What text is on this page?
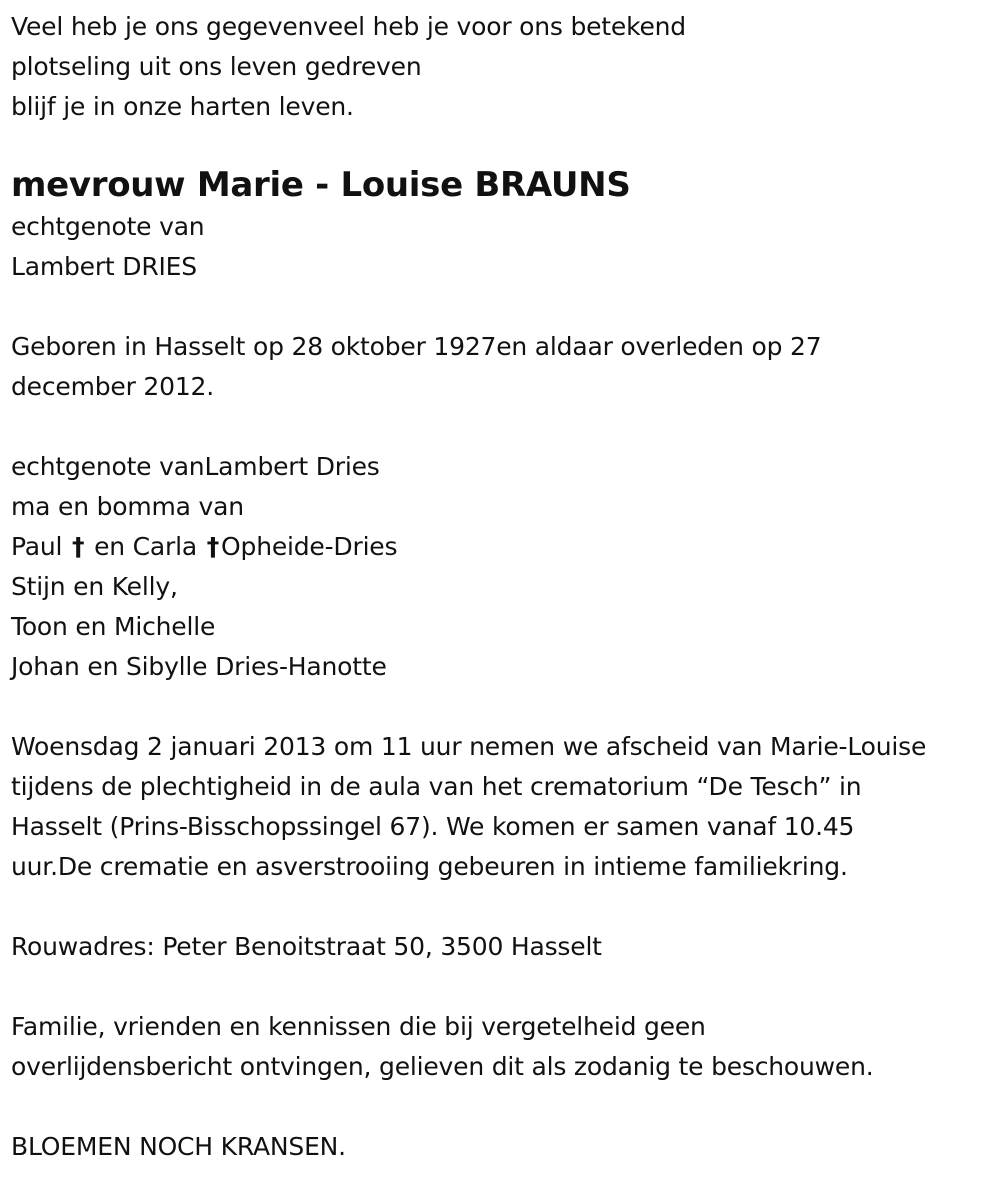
Veel heb je ons gegevenveel heb je voor ons betekend
plotseling uit ons leven gedreven
blijf je in onze harten leven.
mevrouw Marie - Louise BRAUNS
echtgenote van
Lambert DRIES
Geboren in Hasselt op 28 oktober 1927en aldaar overleden op 27
december 2012.
echtgenote vanLambert Dries
ma en bomma van
Paul † en Carla †Opheide-Dries
Stijn en Kelly,
Toon en Michelle
Johan en Sibylle Dries-Hanotte
Woensdag 2 januari 2013 om 11 uur nemen we afscheid van Marie-Louise
tijdens de plechtigheid in de aula van het crematorium “De Tesch” in
Hasselt (Prins-Bisschopssingel 67). We komen er samen vanaf 10.45
uur.De crematie en asverstrooiing gebeuren in intieme familiekring.
Rouwadres: Peter Benoitstraat 50, 3500 Hasselt
Familie, vrienden en kennissen die bij vergetelheid geen
overlijdensbericht ontvingen, gelieven dit als zodanig te beschouwen.
BLOEMEN NOCH KRANSEN.
